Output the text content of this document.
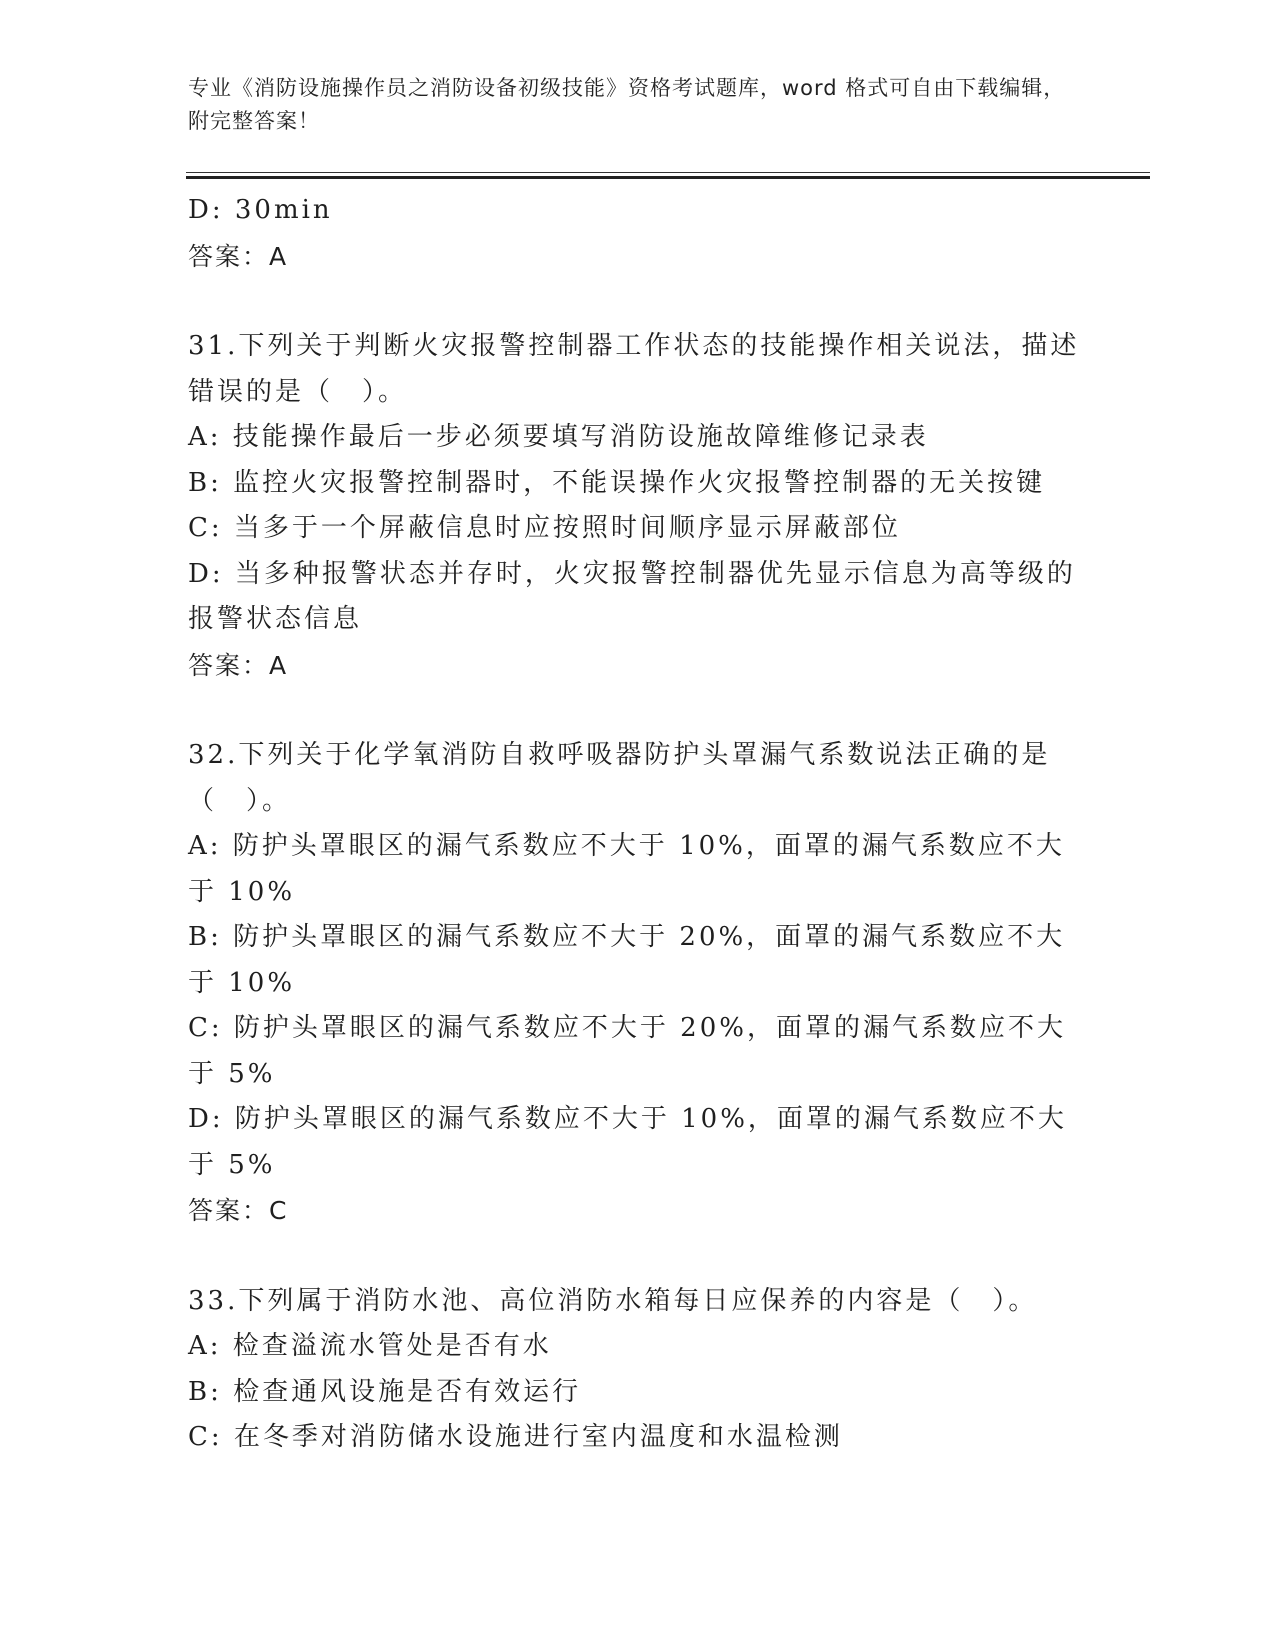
专业《消防设施操作员之消防设备初级技能》资格考试题库，word 格式可自由下载编辑，附完整答案！
D: 30min
答案：A
31.下列关于判断火灾报警控制器工作状态的技能操作相关说法，描述错误的是（　）。
A: 技能操作最后一步必须要填写消防设施故障维修记录表
B: 监控火灾报警控制器时，不能误操作火灾报警控制器的无关按键
C: 当多于一个屏蔽信息时应按照时间顺序显示屏蔽部位
D: 当多种报警状态并存时，火灾报警控制器优先显示信息为高等级的报警状态信息
答案：A
32.下列关于化学氧消防自救呼吸器防护头罩漏气系数说法正确的是（　）。
A: 防护头罩眼区的漏气系数应不大于 10%，面罩的漏气系数应不大于 10%
B: 防护头罩眼区的漏气系数应不大于 20%，面罩的漏气系数应不大于 10%
C: 防护头罩眼区的漏气系数应不大于 20%，面罩的漏气系数应不大于 5%
D: 防护头罩眼区的漏气系数应不大于 10%，面罩的漏气系数应不大于 5%
答案：C
33.下列属于消防水池、高位消防水箱每日应保养的内容是（　）。
A: 检查溢流水管处是否有水
B: 检查通风设施是否有效运行
C: 在冬季对消防储水设施进行室内温度和水温检测
